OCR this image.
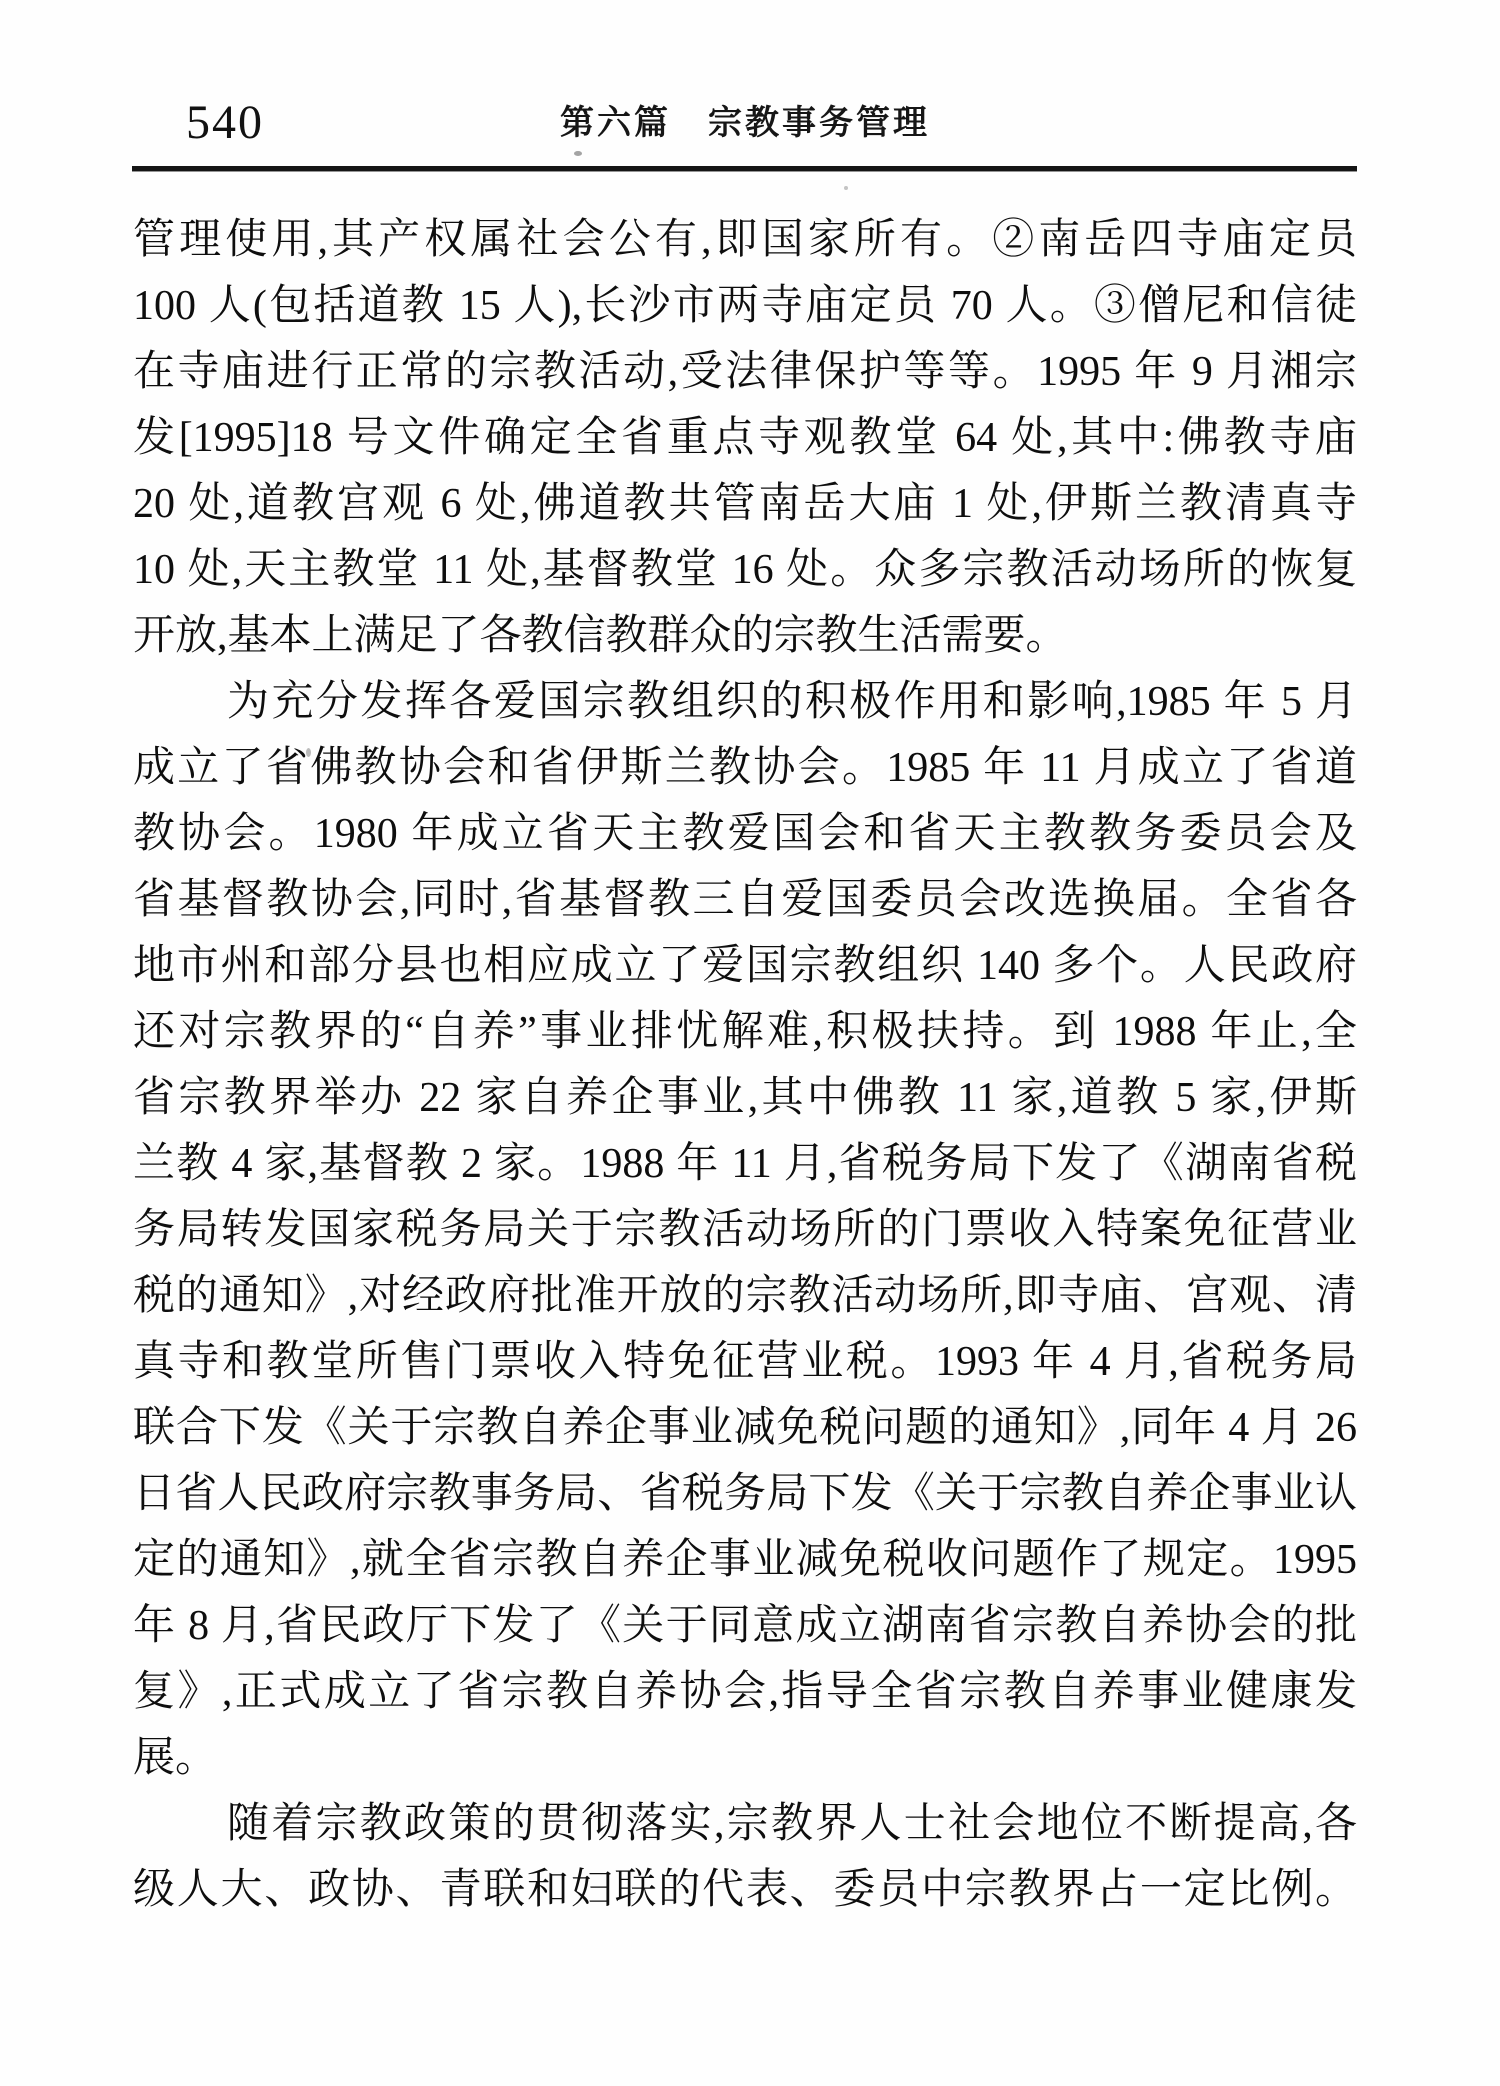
540	第六篇　宗教事务管理
管理使用,其产权属社会公有,即国家所有。②南岳四寺庙定员
100 人(包括道教 15 人),长沙市两寺庙定员 70 人。③僧尼和信徒
在寺庙进行正常的宗教活动,受法律保护等等。1995 年 9 月湘宗
发[1995]18 号文件确定全省重点寺观教堂 64 处,其中:佛教寺庙
20 处,道教宫观 6 处,佛道教共管南岳大庙 1 处,伊斯兰教清真寺
10 处,天主教堂 11 处,基督教堂 16 处。众多宗教活动场所的恢复
开放,基本上满足了各教信教群众的宗教生活需要。
为充分发挥各爱国宗教组织的积极作用和影响,1985 年 5 月
成立了省佛教协会和省伊斯兰教协会。1985 年 11 月成立了省道
教协会。1980 年成立省天主教爱国会和省天主教教务委员会及
省基督教协会,同时,省基督教三自爱国委员会改选换届。全省各
地市州和部分县也相应成立了爱国宗教组织 140 多个。人民政府
还对宗教界的“自养”事业排忧解难,积极扶持。到 1988 年止,全
省宗教界举办 22 家自养企事业,其中佛教 11 家,道教 5 家,伊斯
兰教 4 家,基督教 2 家。1988 年 11 月,省税务局下发了《湖南省税
务局转发国家税务局关于宗教活动场所的门票收入特案免征营业
税的通知》,对经政府批准开放的宗教活动场所,即寺庙、宫观、清
真寺和教堂所售门票收入特免征营业税。1993 年 4 月,省税务局
联合下发《关于宗教自养企事业减免税问题的通知》,同年 4 月 26
日省人民政府宗教事务局、省税务局下发《关于宗教自养企事业认
定的通知》,就全省宗教自养企事业减免税收问题作了规定。1995
年 8 月,省民政厅下发了《关于同意成立湖南省宗教自养协会的批
复》,正式成立了省宗教自养协会,指导全省宗教自养事业健康发
展。
随着宗教政策的贯彻落实,宗教界人士社会地位不断提高,各
级人大、政协、青联和妇联的代表、委员中宗教界占一定比例。
